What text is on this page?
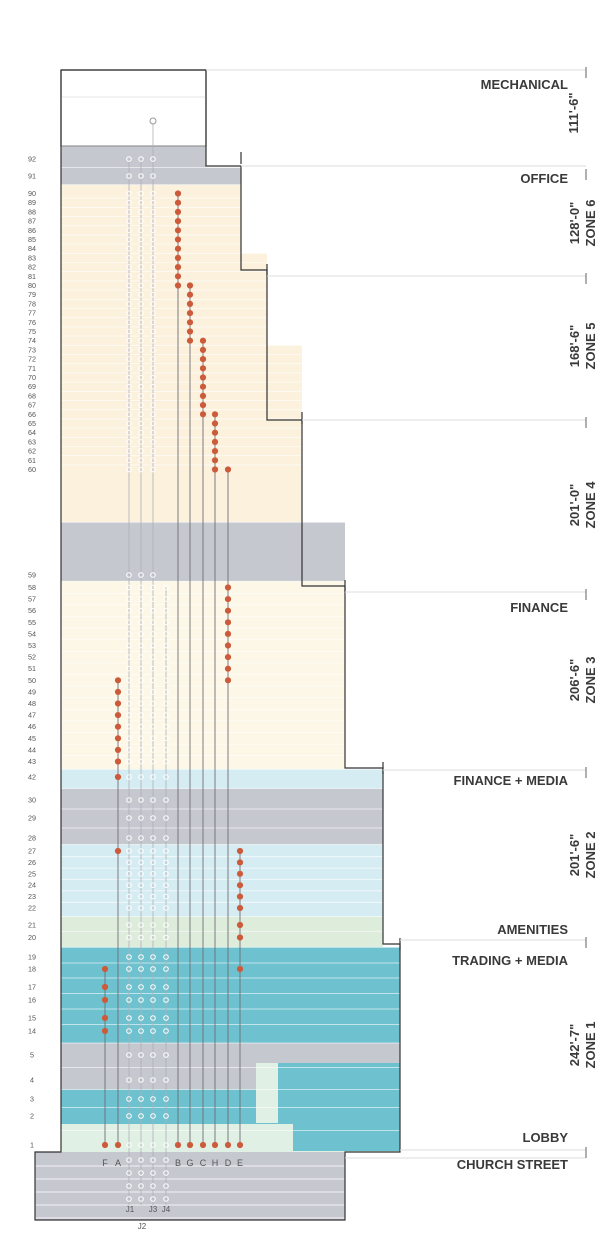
92
91
90
89
88
87
86
85
84
83
82
81
80
79
78
77
76
75
74
73
72
71
70
69
68
67
66
65
64
63
62
61
60
59
58
57
56
55
54
53
52
51
50
49
48
47
46
45
44
43
42
30
29
28
27
26
25
24
23
22
21
20
19
18
17
16
15
14
5
4
3
2
1
MECHANICAL
OFFICE
FINANCE
FINANCE + MEDIA
AMENITIES
TRADING + MEDIA
LOBBY
CHURCH STREET
111'-6"
128'-0" ZONE 6
168'-6" ZONE 5
201'-0" ZONE 4
206'-6" ZONE 3
201'-6" ZONE 2
242'-7" ZONE 1
F A	B G C H D E
J1
J2
J3 J4
